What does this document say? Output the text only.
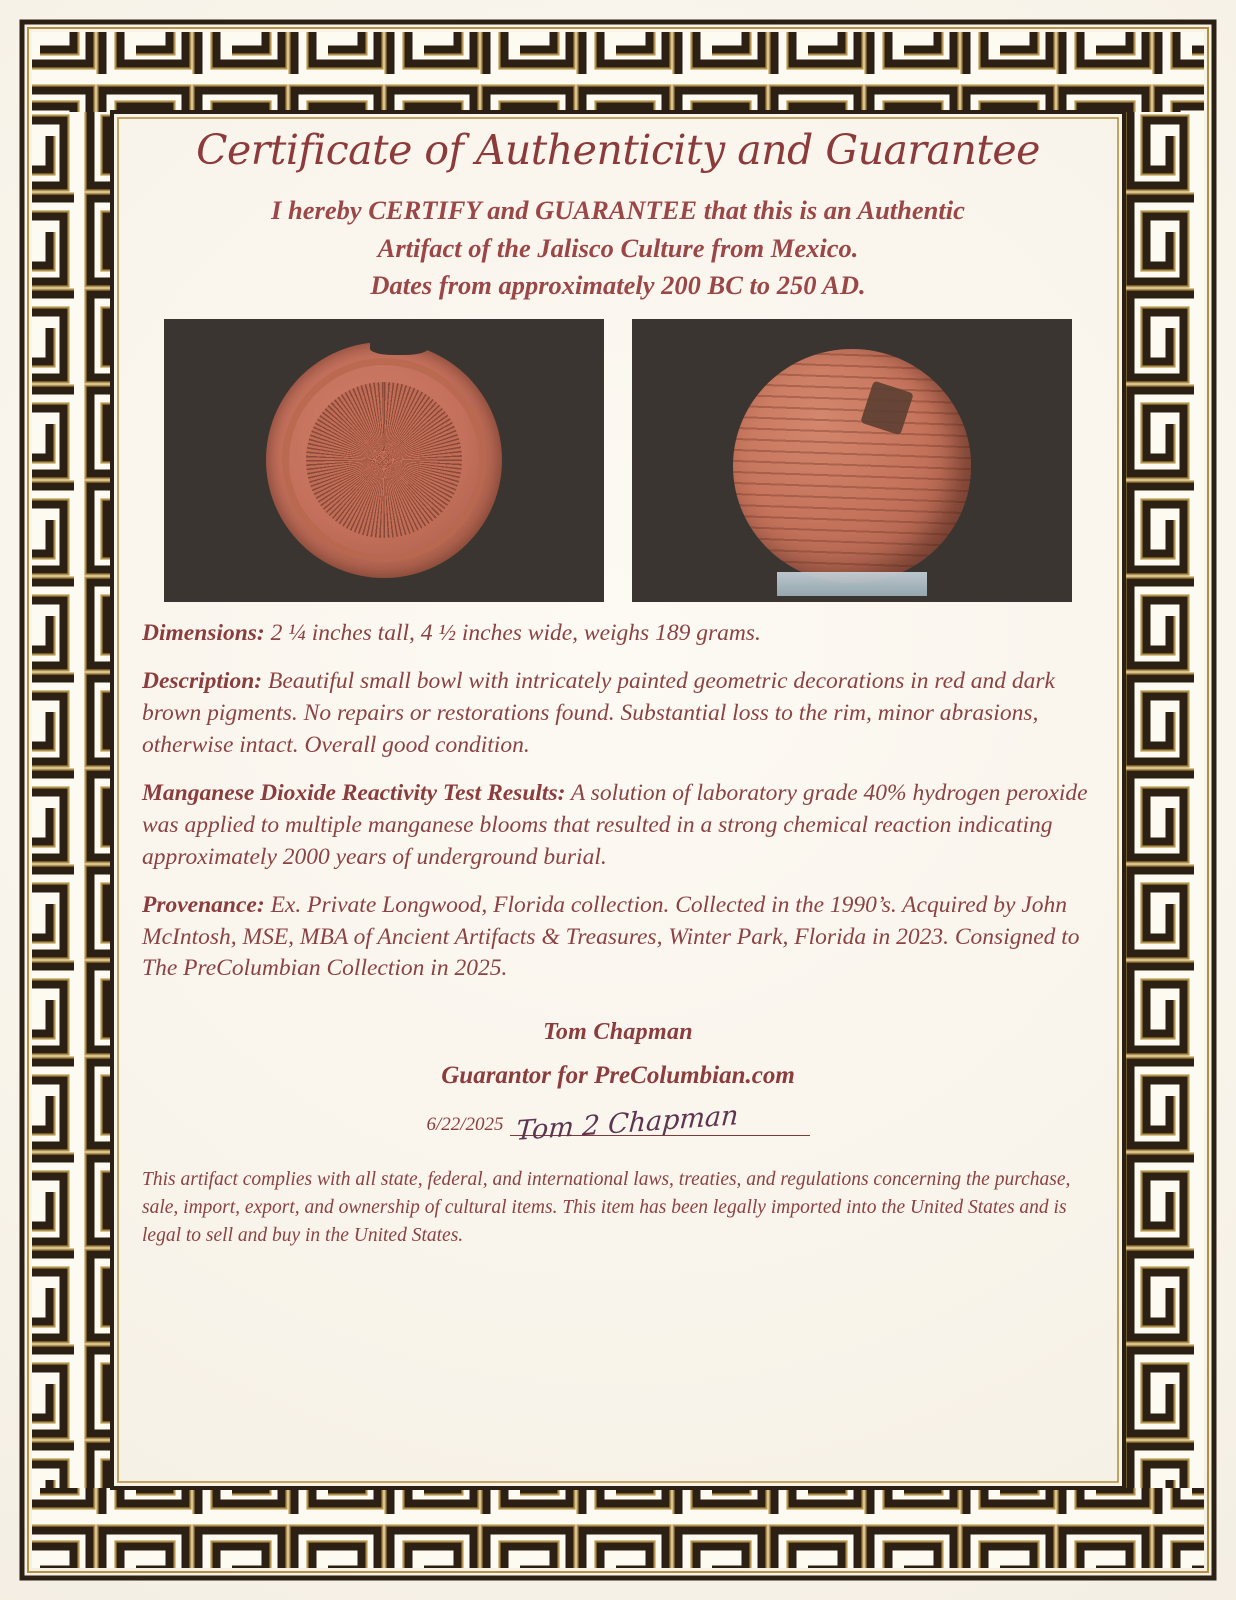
Certificate of Authenticity and Guarantee
I hereby CERTIFY and GUARANTEE that this is an Authentic
Artifact of the Jalisco Culture from Mexico.
Dates from approximately 200 BC to 250 AD.

Dimensions: 2 ¼ inches tall, 4 ½ inches wide, weighs 189 grams.

Description: Beautiful small bowl with intricately painted geometric decorations in red and dark brown pigments. No repairs or restorations found. Substantial loss to the rim, minor abrasions, otherwise intact. Overall good condition.

Manganese Dioxide Reactivity Test Results: A solution of laboratory grade 40% hydrogen peroxide was applied to multiple manganese blooms that resulted in a strong chemical reaction indicating approximately 2000 years of underground burial.

Provenance: Ex. Private Longwood, Florida collection. Collected in the 1990’s. Acquired by John McIntosh, MSE, MBA of Ancient Artifacts & Treasures, Winter Park, Florida in 2023. Consigned to The PreColumbian Collection in 2025.

Tom Chapman
Guarantor for PreColumbian.com
6/22/2025 Tom 2 Chapman
This artifact complies with all state, federal, and international laws, treaties, and regulations concerning the purchase, sale, import, export, and ownership of cultural items. This item has been legally imported into the United States and is legal to sell and buy in the United States.
